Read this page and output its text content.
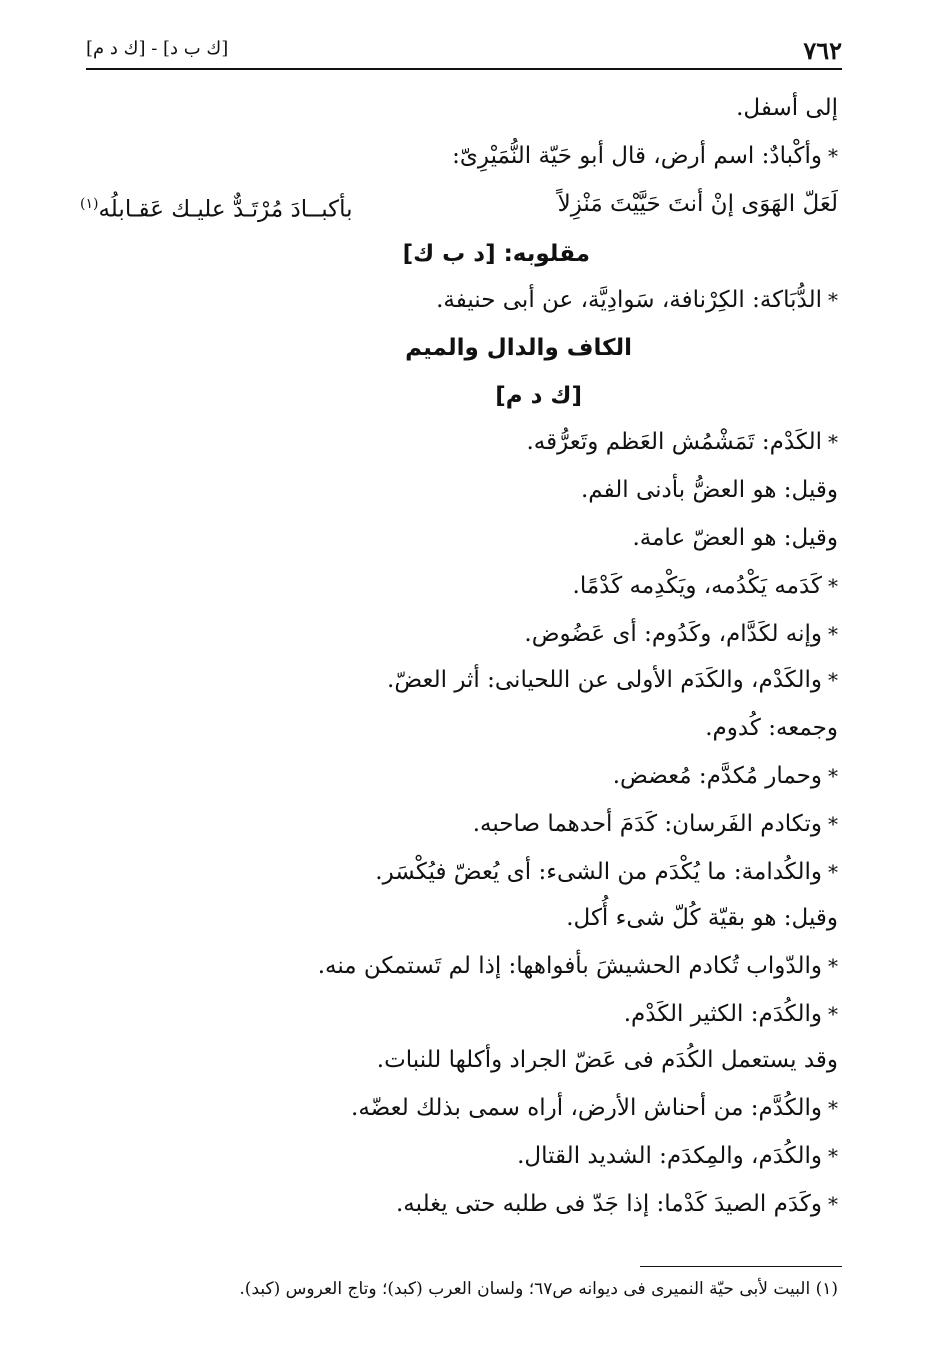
٧٦٢
[ك ب د] - [ك د م]
إلى أسفل.
*وأكْبادٌ: اسم أرض، قال أبو حَيّة النُّمَيْرِىّ:
لَعَلّ الهَوَى إنْ أنتَ حَيَّيْتَ مَنْزِلاً
بأكبــادَ مُرْتَـدٌّ عليـك عَقـابلُه$^{(١)}$
مقلوبه: [د ب ك]
*الدُّبَاكة: الكِرْنافة، سَوادِيَّة، عن أبى حنيفة.
الكاف والدال والميم
[ك د م]
*الكَدْم: تَمَشْمُش العَظم وتَعرُّقه.
وقيل: هو العضُّ بأدنى الفم.
وقيل: هو العضّ عامة.
*كَدَمه يَكْدُمه، ويَكْدِمه كَدْمًا.
*وإنه لكَدَّام، وكَدُوم: أى عَضُوض.
*والكَدْم، والكَدَم الأولى عن اللحيانى: أثر العضّ.
وجمعه: كُدوم.
*وحمار مُكدَّم: مُعضض.
*وتكادم الفَرسان: كَدَمَ أحدهما صاحبه.
*والكُدامة: ما يُكْدَم من الشىء: أى يُعضّ فيُكْسَر.
وقيل: هو بقيّة كُلّ شىء أُكل.
*والدّواب تُكادم الحشيشَ بأفواهها: إذا لم تَستمكن منه.
*والكُدَم: الكثير الكَدْم.
وقد يستعمل الكُدَم فى عَضّ الجراد وأكلها للنبات.
*والكُدَّم: من أحناش الأرض، أراه سمى بذلك لعضّه.
*والكُدَم، والمِكدَم: الشديد القتال.
*وكَدَم الصيدَ كَدْما: إذا جَدّ فى طلبه حتى يغلبه.
(١) البيت لأبى حيّة النميرى فى ديوانه ص٦٧؛ ولسان العرب (كبد)؛ وتاج العروس (كبد).
